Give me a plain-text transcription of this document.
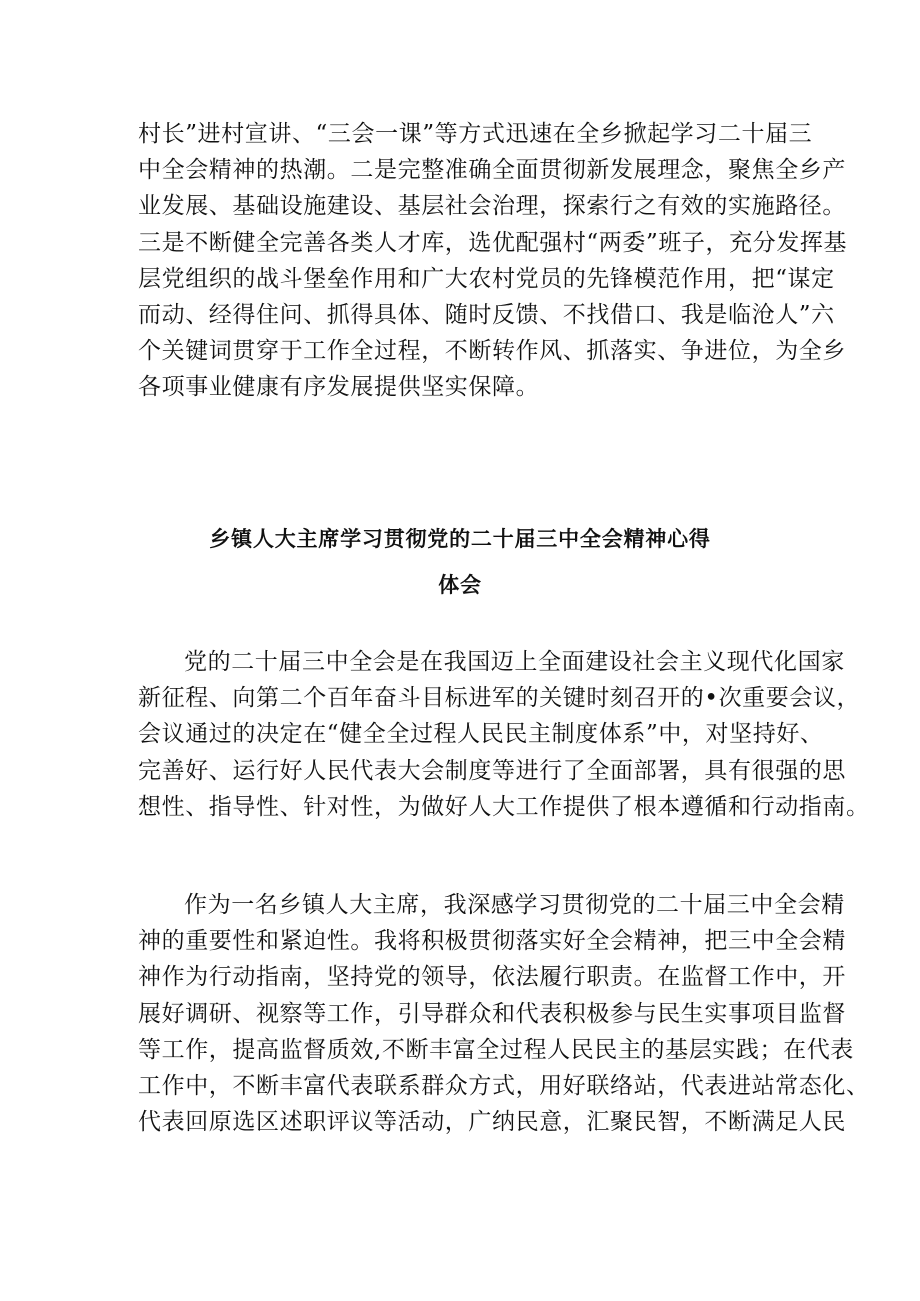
村长”进村宣讲、“三会一课”等方式迅速在全乡掀起学习二十届三
中全会精神的热潮。二是完整准确全面贯彻新发展理念，聚焦全乡产
业发展、基础设施建设、基层社会治理，探索行之有效的实施路径。
三是不断健全完善各类人才库，选优配强村“两委”班子，充分发挥基
层党组织的战斗堡垒作用和广大农村党员的先锋模范作用，把“谋定
而动、经得住问、抓得具体、随时反馈、不找借口、我是临沧人”六
个关键词贯穿于工作全过程，不断转作风、抓落实、争进位，为全乡
各项事业健康有序发展提供坚实保障。
乡镇人大主席学习贯彻党的二十届三中全会精神心得
体会
党的二十届三中全会是在我国迈上全面建设社会主义现代化国家
新征程、向第二个百年奋斗目标进军的关键时刻召开的•次重要会议，
会议通过的决定在“健全全过程人民民主制度体系”中，对坚持好、
完善好、运行好人民代表大会制度等进行了全面部署，具有很强的思
想性、指导性、针对性，为做好人大工作提供了根本遵循和行动指南。
作为一名乡镇人大主席，我深感学习贯彻党的二十届三中全会精
神的重要性和紧迫性。我将积极贯彻落实好全会精神，把三中全会精
神作为行动指南，坚持党的领导，依法履行职责。在监督工作中，开
展好调研、视察等工作，引导群众和代表积极参与民生实事项目监督
等工作，提高监督质效,不断丰富全过程人民民主的基层实践；在代表
工作中，不断丰富代表联系群众方式，用好联络站，代表进站常态化、
代表回原选区述职评议等活动，广纳民意，汇聚民智，不断满足人民
